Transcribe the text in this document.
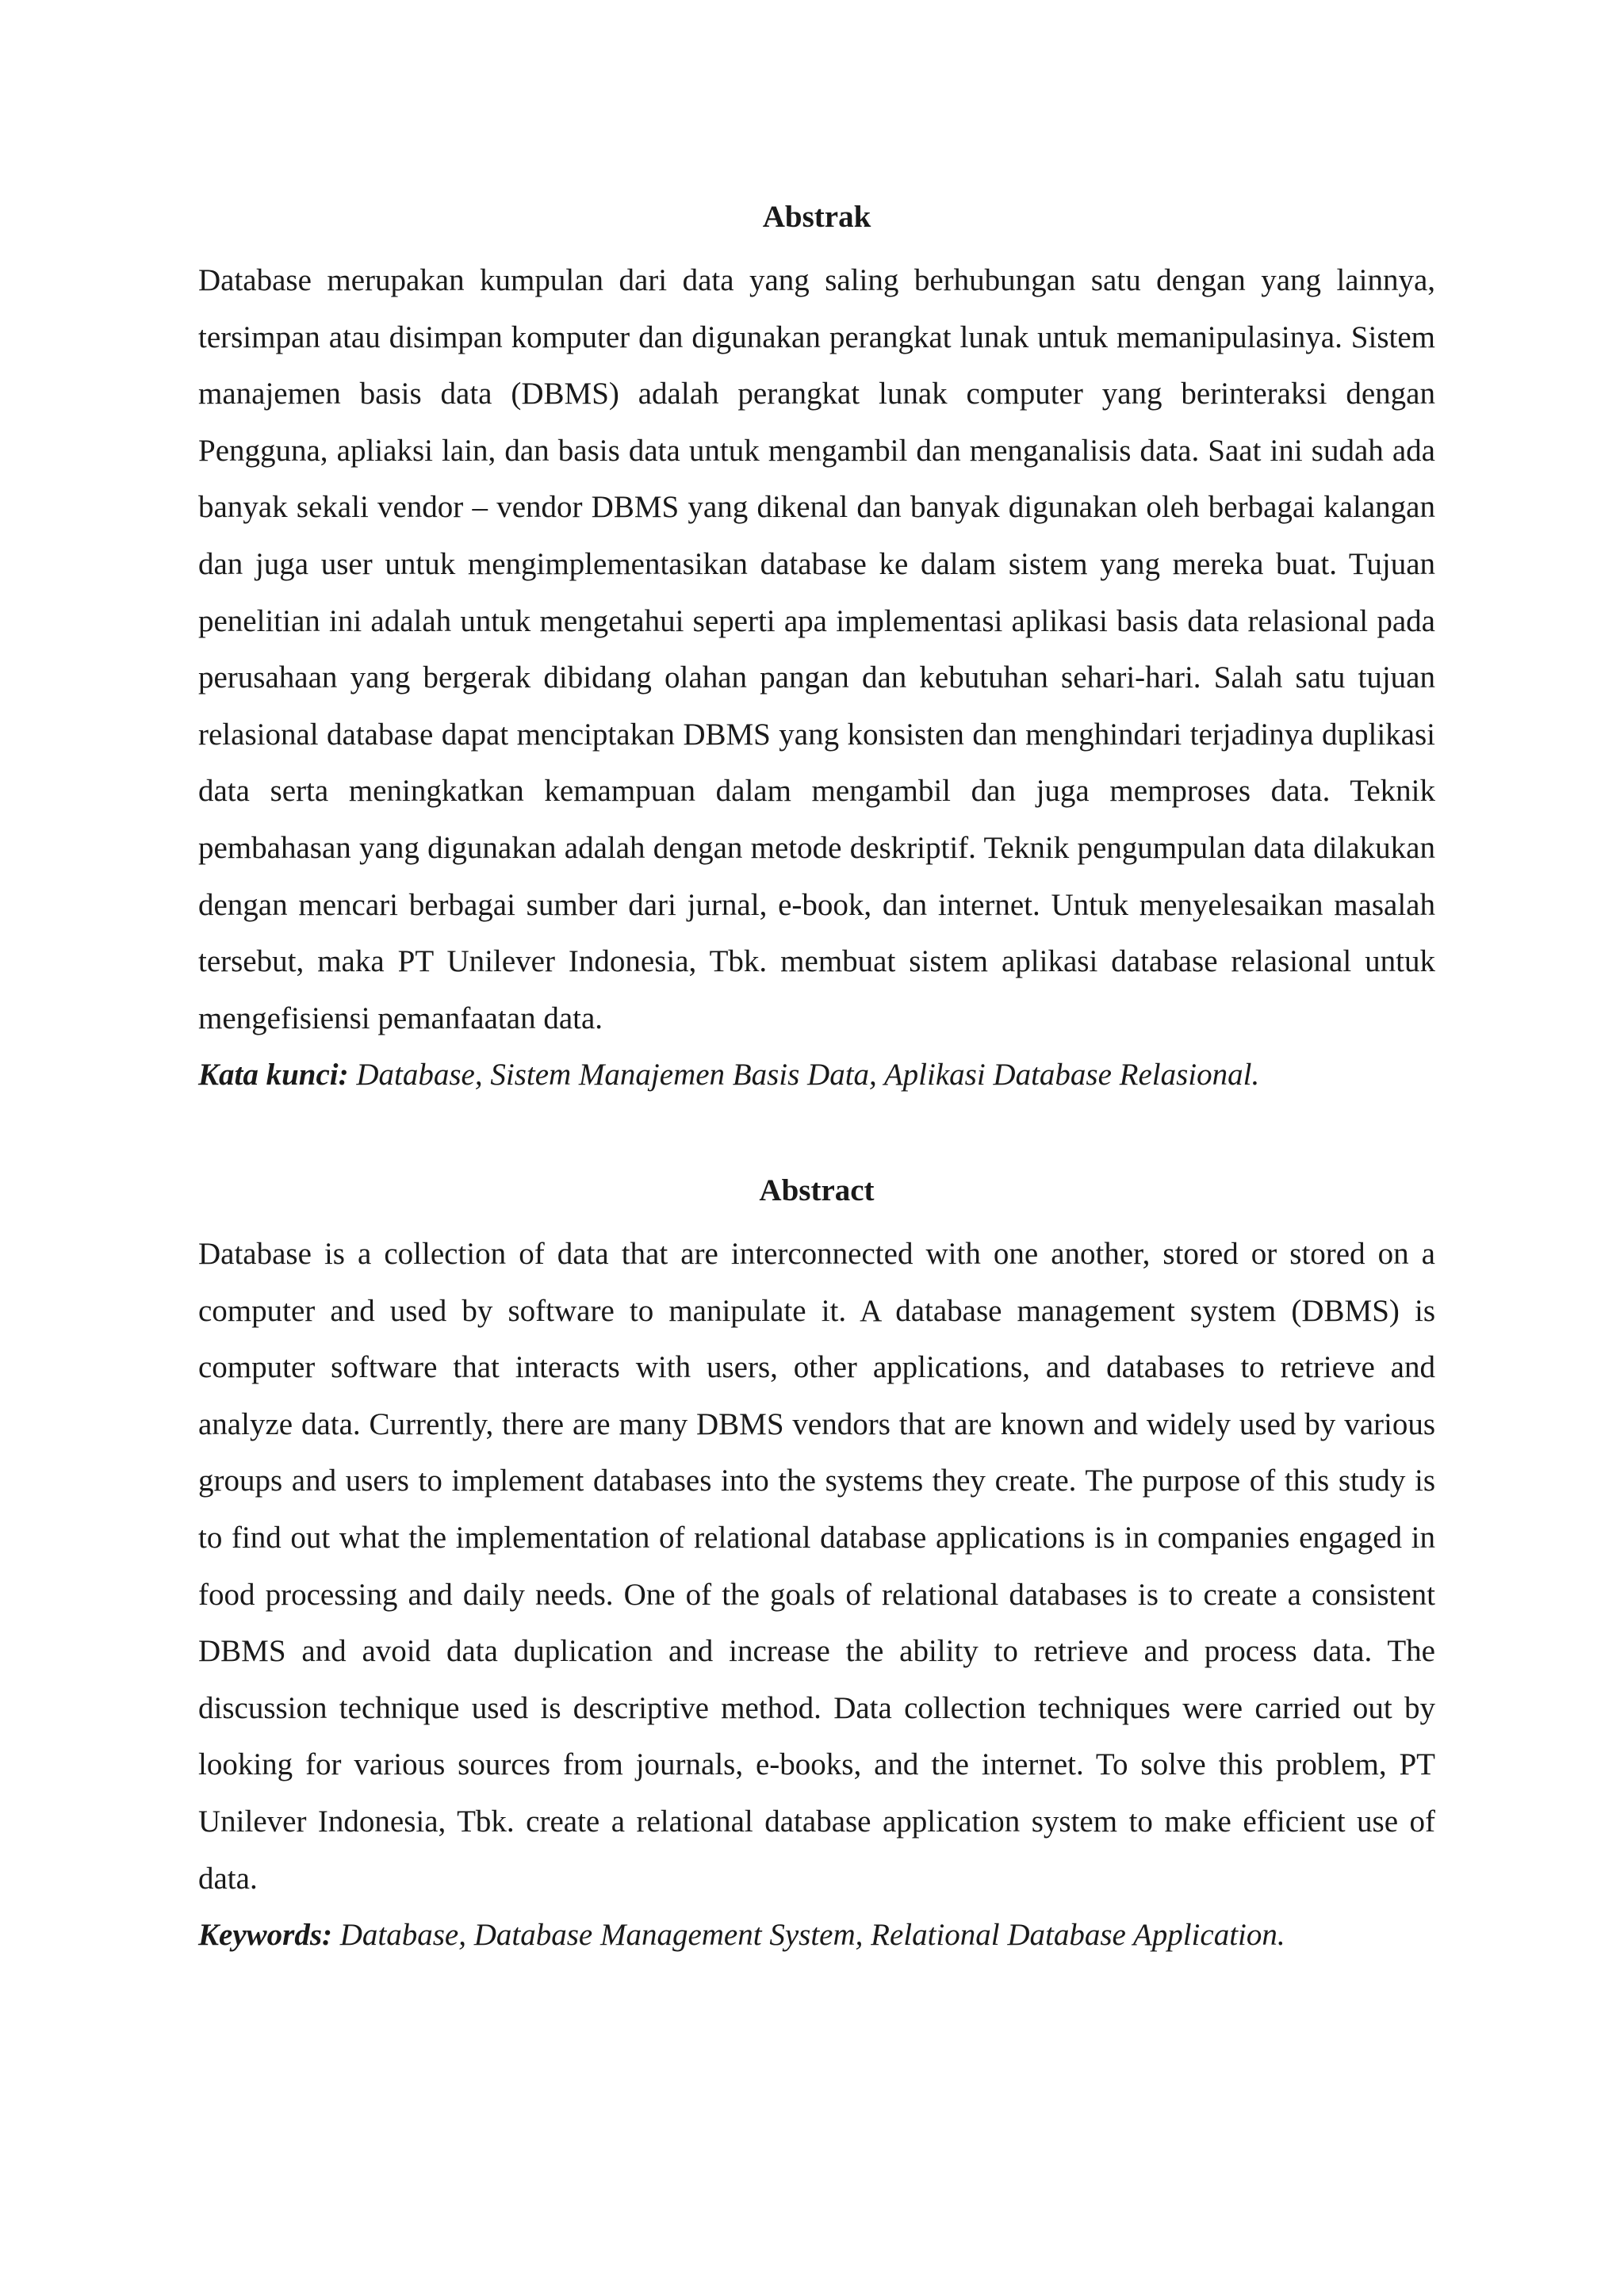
Abstrak

Database merupakan kumpulan dari data yang saling berhubungan satu dengan yang lainnya, tersimpan atau disimpan komputer dan digunakan perangkat lunak untuk memanipulasinya. Sistem manajemen basis data (DBMS) adalah perangkat lunak computer yang berinteraksi dengan Pengguna, apliaksi lain, dan basis data untuk mengambil dan menganalisis data. Saat ini sudah ada banyak sekali vendor – vendor DBMS yang dikenal dan banyak digunakan oleh berbagai kalangan dan juga user untuk mengimplementasikan database ke dalam sistem yang mereka buat. Tujuan penelitian ini adalah untuk mengetahui seperti apa implementasi aplikasi basis data relasional pada perusahaan yang bergerak dibidang olahan pangan dan kebutuhan sehari-hari. Salah satu tujuan relasional database dapat menciptakan DBMS yang konsisten dan menghindari terjadinya duplikasi data serta meningkatkan kemampuan dalam mengambil dan juga memproses data. Teknik pembahasan yang digunakan adalah dengan metode deskriptif. Teknik pengumpulan data dilakukan dengan mencari berbagai sumber dari jurnal, e-book, dan internet. Untuk menyelesaikan masalah tersebut, maka PT Unilever Indonesia, Tbk. membuat sistem aplikasi database relasional untuk mengefisiensi pemanfaatan data.

Kata kunci: Database, Sistem Manajemen Basis Data, Aplikasi Database Relasional.

Abstract

Database is a collection of data that are interconnected with one another, stored or stored on a computer and used by software to manipulate it. A database management system (DBMS) is computer software that interacts with users, other applications, and databases to retrieve and analyze data. Currently, there are many DBMS vendors that are known and widely used by various groups and users to implement databases into the systems they create. The purpose of this study is to find out what the implementation of relational database applications is in companies engaged in food processing and daily needs. One of the goals of relational databases is to create a consistent DBMS and avoid data duplication and increase the ability to retrieve and process data. The discussion technique used is descriptive method. Data collection techniques were carried out by looking for various sources from journals, e-books, and the internet. To solve this problem, PT Unilever Indonesia, Tbk. create a relational database application system to make efficient use of data.

Keywords: Database, Database Management System, Relational Database Application.
